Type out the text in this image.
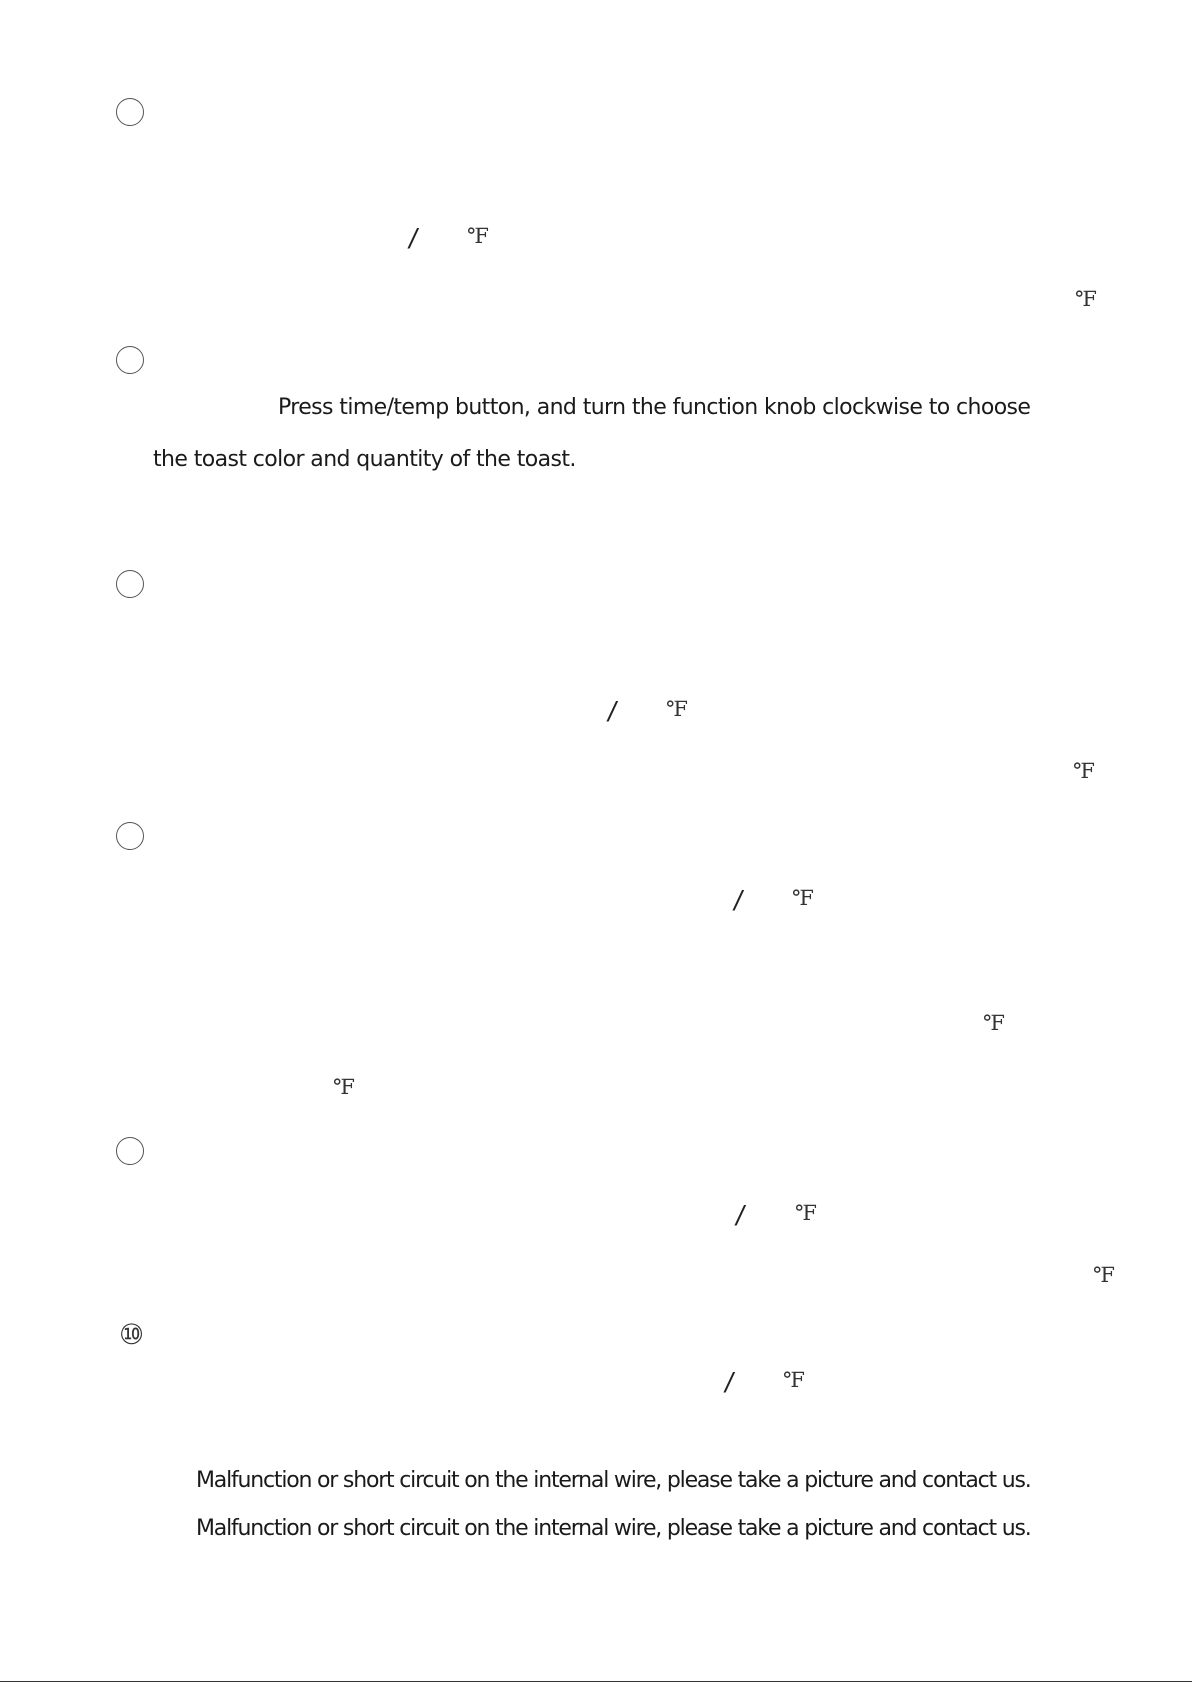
⑩
/ ℉
℉
Press time/temp button, and turn the function knob clockwise to choose
the toast color and quantity of the toast.
/ ℉
℉
/ ℉
℉
℉
/ ℉
℉
/ ℉
Malfunction or short circuit on the internal wire, please take a picture and contact us.
Malfunction or short circuit on the internal wire, please take a picture and contact us.
